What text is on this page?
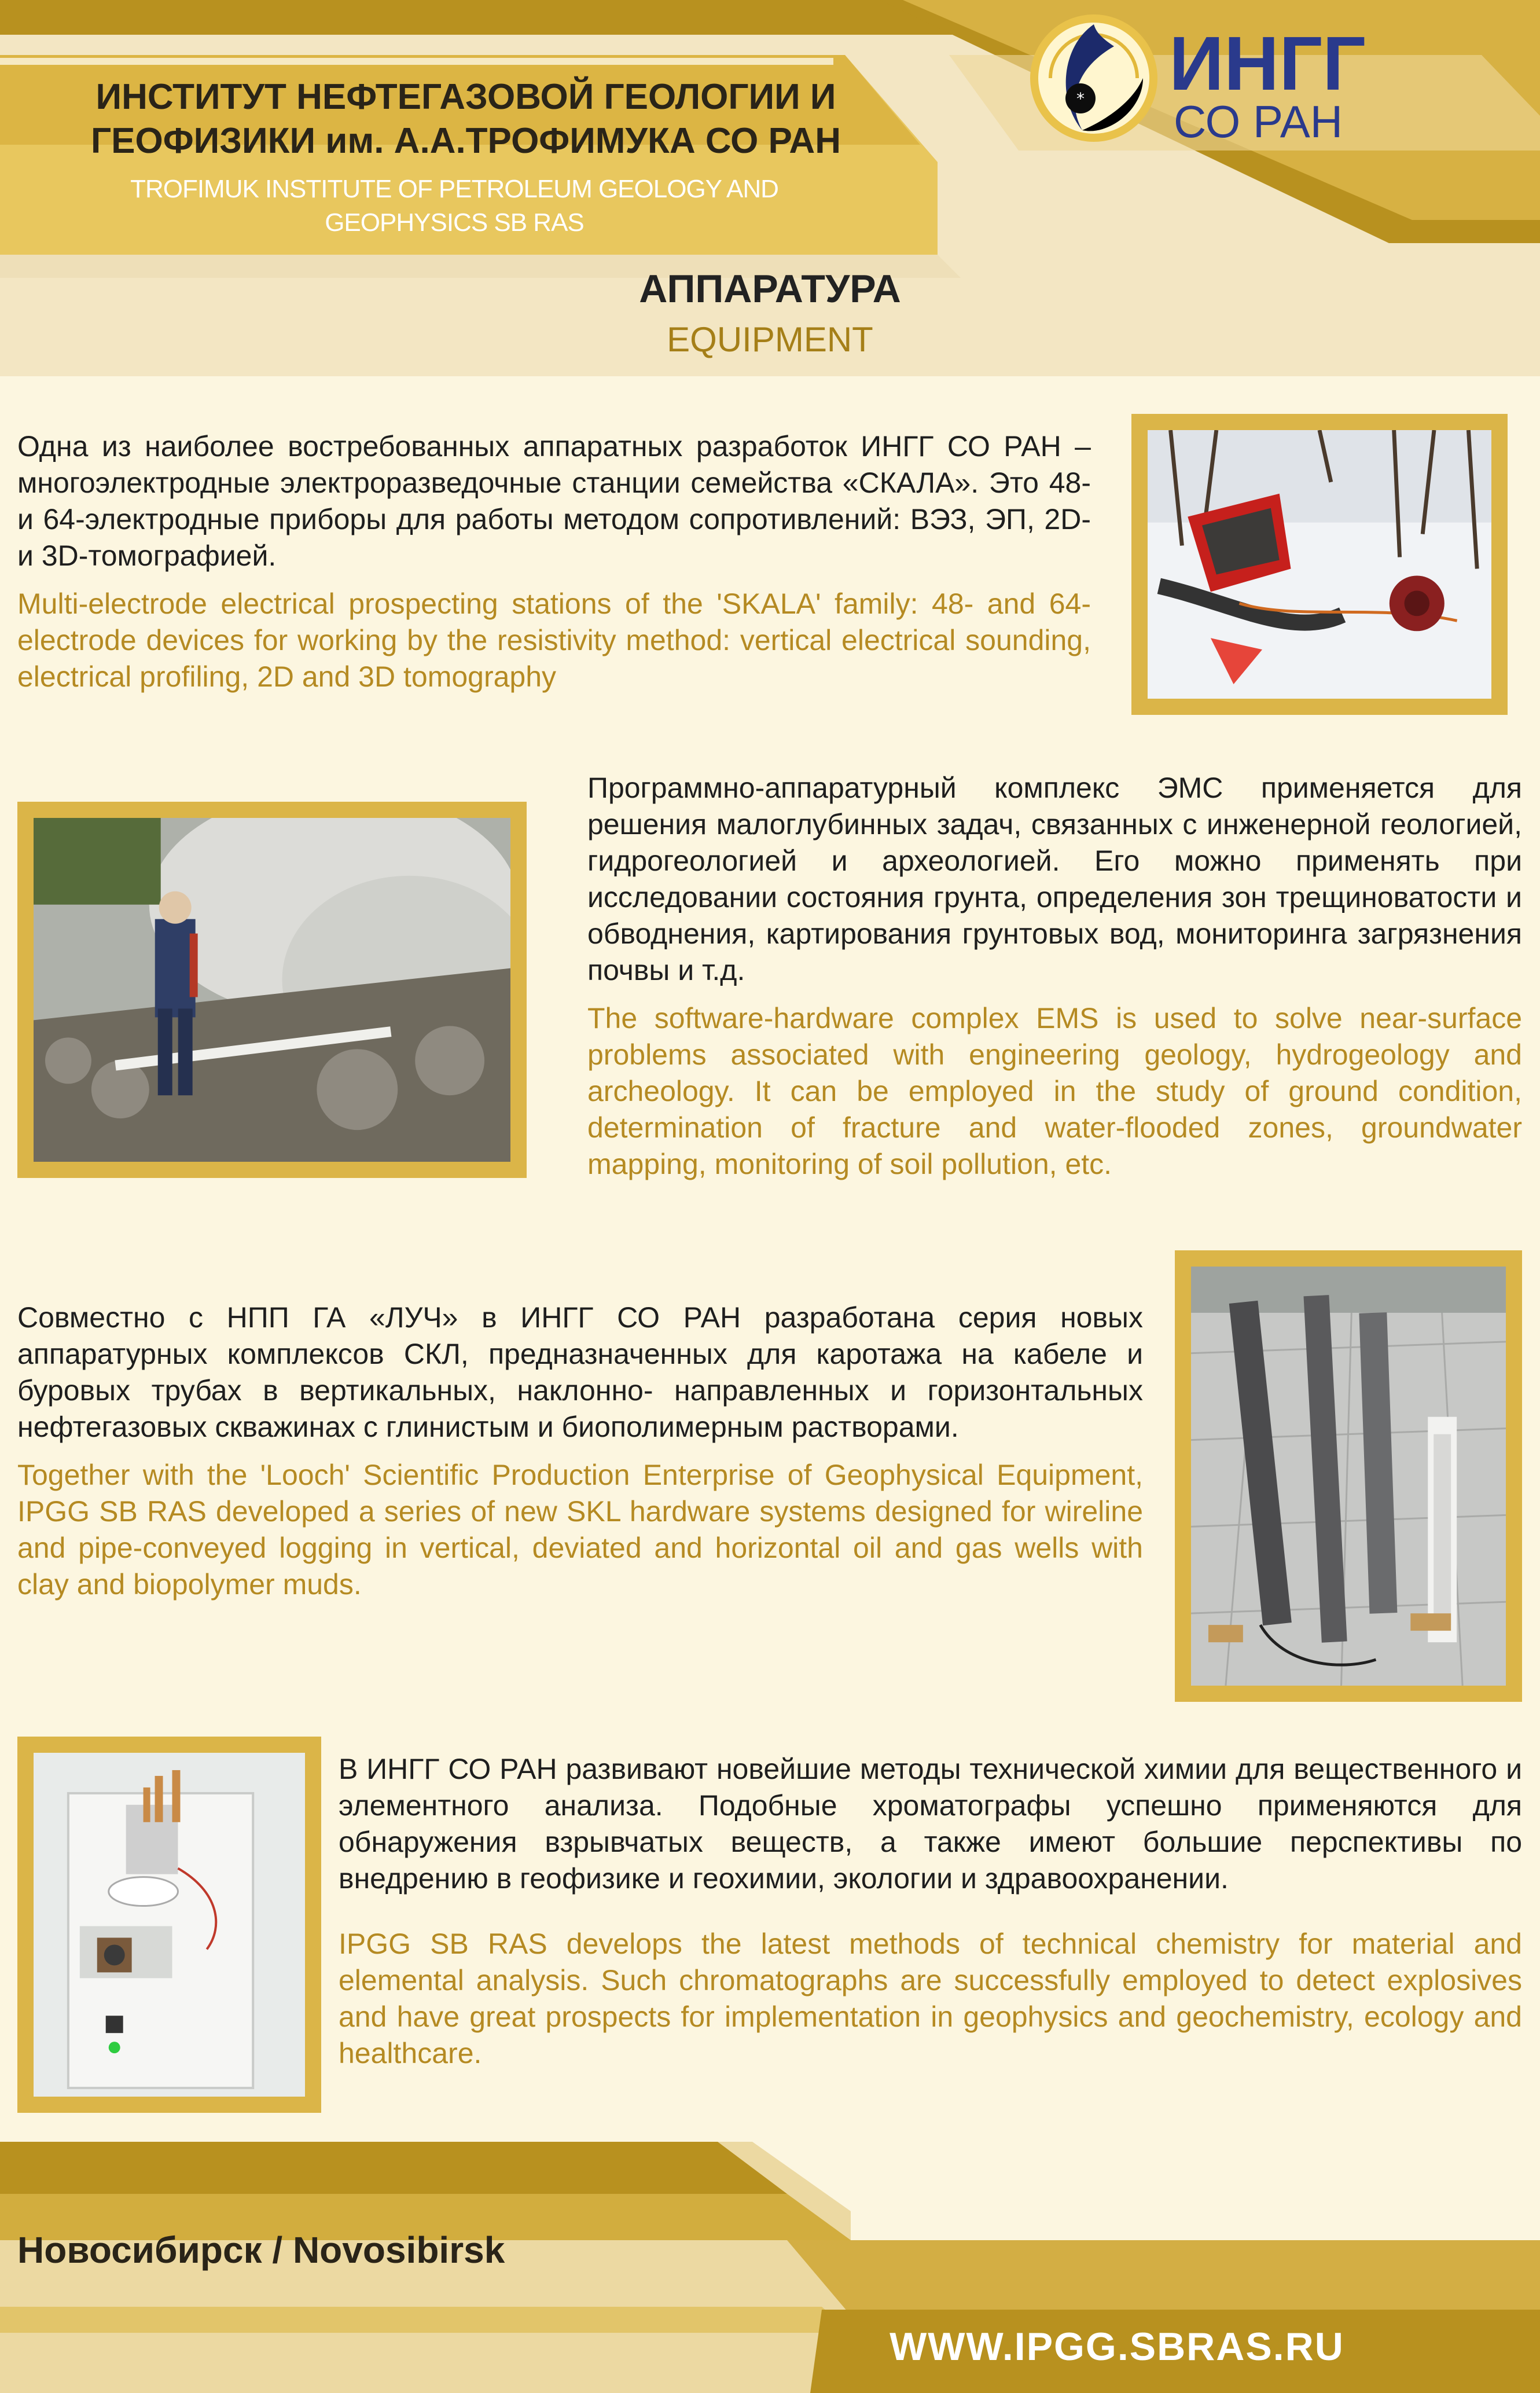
ИНСТИТУТ НЕФТЕГАЗОВОЙ ГЕОЛОГИИ И
ГЕОФИЗИКИ им. А.А.ТРОФИМУКА СО РАН
TROFIMUK INSTITUTE OF PETROLEUM GEOLOGY AND
GEOPHYSICS SB RAS
* ИНГГ
СО РАН
АППАРАТУРА
EQUIPMENT

Одна из наиболее востребованных аппаратных разработок ИНГГ СО РАН – многоэлектродные электроразведочные станции семейства «СКАЛА». Это 48- и 64-электродные приборы для работы методом сопротивлений: ВЭЗ, ЭП, 2D- и 3D-томографией.

Multi-electrode electrical prospecting stations of the 'SKALA' family: 48- and 64-electrode devices for working by the resistivity method: vertical electrical sounding, electrical profiling, 2D and 3D tomography

Программно-аппаратурный комплекс ЭМС применяется для решения малоглубинных задач, связанных с инженерной геологией, гидрогеологией и археологией. Его можно применять при исследовании состояния грунта, определения зон трещиноватости и обводнения, картирования грунтовых вод, мониторинга загрязнения почвы и т.д.

The software-hardware complex EMS is used to solve near-surface problems associated with engineering geology, hydrogeology and archeology. It can be employed in the study of ground condition, determination of fracture and water-flooded zones, groundwater mapping, monitoring of soil pollution, etc.

Совместно с НПП ГА «ЛУЧ» в ИНГГ СО РАН разработана серия новых аппаратурных комплексов СКЛ, предназначенных для каротажа на кабеле и буровых трубах в вертикальных, наклонно- направленных и горизонтальных нефтегазовых скважинах с глинистым и биополимерным растворами.

Together with the 'Looch' Scientific Production Enterprise of Geophysical Equipment, IPGG SB RAS developed a series of new SKL hardware systems designed for wireline and pipe-conveyed logging in vertical, deviated and horizontal oil and gas wells with clay and biopolymer muds.

В ИНГГ СО РАН развивают новейшие методы технической химии для вещественного и элементного анализа. Подобные хроматографы успешно применяются для обнаружения взрывчатых веществ, а также имеют большие перспективы по внедрению в геофизике и геохимии, экологии и здравоохранении.

IPGG SB RAS develops the latest methods of technical chemistry for material and elemental analysis. Such chromatographs are successfully employed to detect explosives and have great prospects for implementation in geophysics and geochemistry, ecology and healthcare.

Новосибирск / Novosibirsk
WWW.IPGG.SBRAS.RU
